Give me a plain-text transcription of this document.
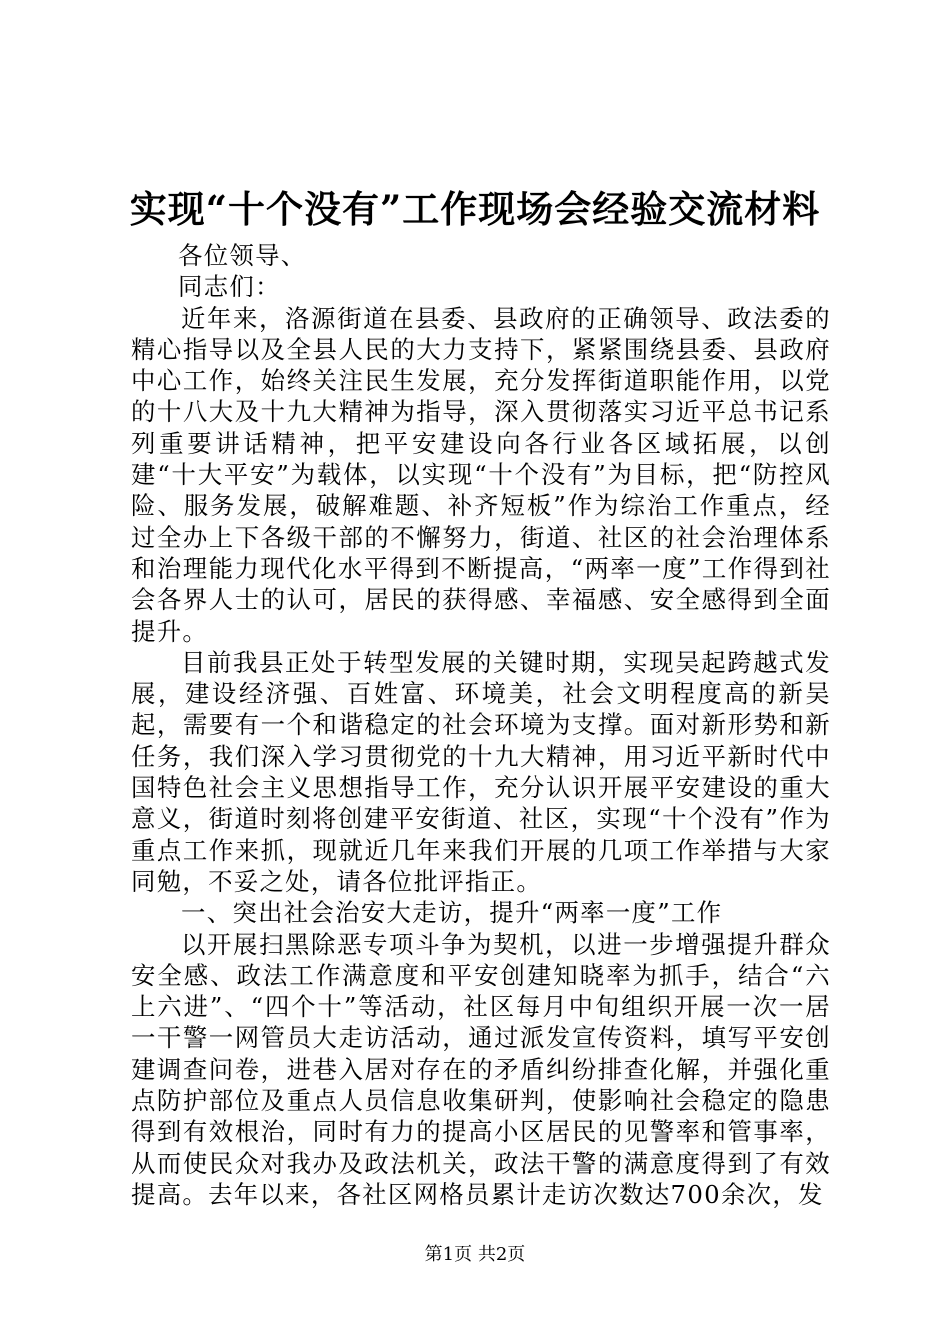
实现“十个没有”工作现场会经验交流材料

各位领导、

同志们：

近年来，洛源街道在县委、县政府的正确领导、政法委的精心指导以及全县人民的大力支持下，紧紧围绕县委、县政府中心工作，始终关注民生发展，充分发挥街道职能作用，以党的十八大及十九大精神为指导，深入贯彻落实习近平总书记系列重要讲话精神，把平安建设向各行业各区域拓展，以创建“十大平安”为载体，以实现“十个没有”为目标，把“防控风险、服务发展，破解难题、补齐短板”作为综治工作重点，经过全办上下各级干部的不懈努力，街道、社区的社会治理体系和治理能力现代化水平得到不断提高，“两率一度”工作得到社会各界人士的认可，居民的获得感、幸福感、安全感得到全面提升。

目前我县正处于转型发展的关键时期，实现吴起跨越式发展，建设经济强、百姓富、环境美，社会文明程度高的新吴起，需要有一个和谐稳定的社会环境为支撑。面对新形势和新任务，我们深入学习贯彻党的十九大精神，用习近平新时代中国特色社会主义思想指导工作，充分认识开展平安建设的重大意义，街道时刻将创建平安街道、社区，实现“十个没有”作为重点工作来抓，现就近几年来我们开展的几项工作举措与大家同勉，不妥之处，请各位批评指正。

一、突出社会治安大走访，提升“两率一度”工作

以开展扫黑除恶专项斗争为契机，以进一步增强提升群众安全感、政法工作满意度和平安创建知晓率为抓手，结合“六上六进”、“四个十”等活动，社区每月中旬组织开展一次一居一干警一网管员大走访活动，通过派发宣传资料，填写平安创建调查问卷，进巷入居对存在的矛盾纠纷排查化解，并强化重点防护部位及重点人员信息收集研判，使影响社会稳定的隐患得到有效根治，同时有力的提高小区居民的见警率和管事率，从而使民众对我办及政法机关，政法干警的满意度得到了有效提高。去年以来，各社区网格员累计走访次数达700余次，发

第1页 共2页
